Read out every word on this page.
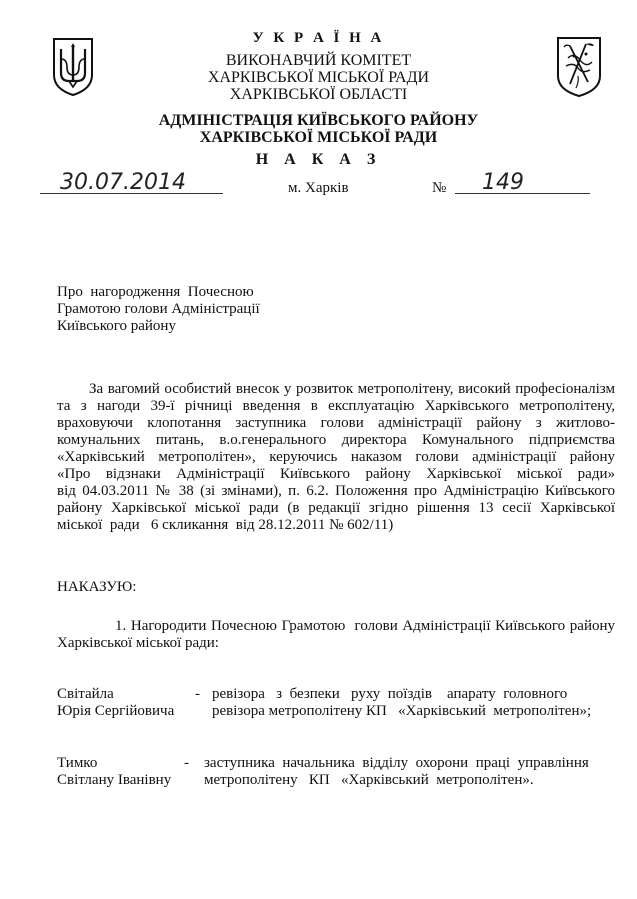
У К Р А Ї Н А
ВИКОНАВЧИЙ КОМІТЕТ
ХАРКІВСЬКОЇ МІСЬКОЇ РАДИ
ХАРКІВСЬКОЇ ОБЛАСТІ
АДМІНІСТРАЦІЯ КИЇВСЬКОГО РАЙОНУ
ХАРКІВСЬКОЇ МІСЬКОЇ РАДИ
Н А К А З
30.07.2014	м. Харків	№ 149
Про  нагородження  Почесною
Грамотою голови Адміністрації
Київського району
За вагомий особистий внесок у розвиток метрополітену, високий професіоналізм
та з нагоди 39-ї річниці введення в експлуатацію Харківського метрополітену,
враховуючи клопотання заступника голови адміністрації району з житлово-
комунальних питань, в.о.генерального директора Комунального підприємства
«Харківський метрополітен», керуючись наказом голови адміністрації району
«Про відзнаки Адміністрації Київського району Харківської міської ради»
від 04.03.2011 № 38 (зі змінами), п. 6.2. Положення про Адміністрацію Київського
району Харківської міської ради (в редакції згідно рішення 13 сесії Харківської
міської  ради   6 скликання  від 28.12.2011 № 602/11)
НАКАЗУЮ:
1. Нагородити Почесною Грамотою  голови Адміністрації Київського району
Харківської міської ради:
Світайла
Юрія Сергійовича
- ревізора   з  безпеки   руху  поїздів    апарату  головного
ревізора метрополітену КП   «Харківський  метрополітен»;
Тимко
Світлану Іванівну
- заступника  начальника  відділу  охорони  праці  управління
метрополітену   КП   «Харківський  метрополітен».
